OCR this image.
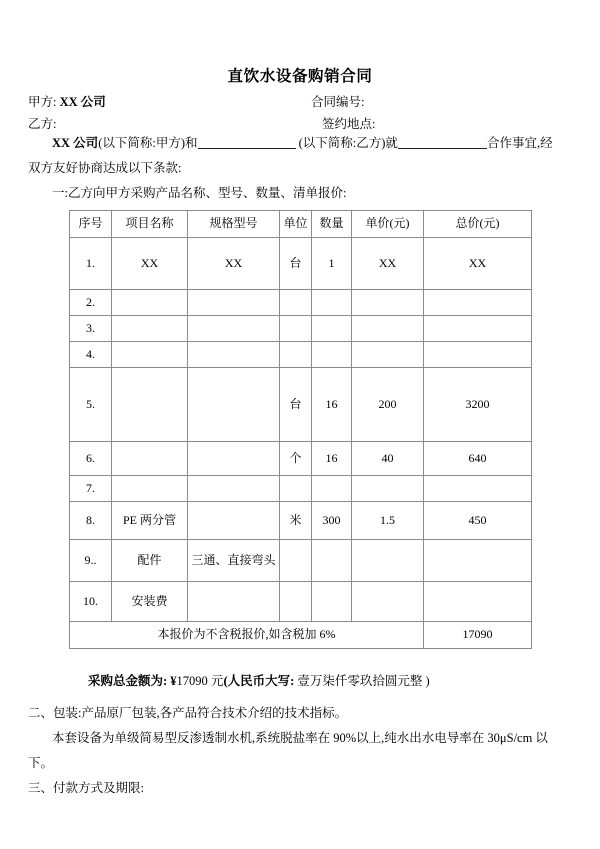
直饮水设备购销合同
甲方: XX 公司	合同编号:
乙方:	签约地点:

XX 公司(以下简称:甲方)和	(以下简称:乙方)就	合作事宜,经双方友好协商达成以下条款:

一:乙方向甲方采购产品名称、型号、数量、清单报价:

序号	项目名称	规格型号	单位	数量	单价(元)	总价(元)
1.	XX	XX	台	1	XX	XX
2.						
3.						
4.						
5.			台	16	200	3200
6.			个	16	40	640
7.						
8.	PE 两分管		米	300	1.5	450
9..	配件	三通、直接弯头				
10.	安装费					
本报价为不含税报价,如含税加 6%						17090

采购总金额为: ¥17090 元(人民币大写: 壹万柒仟零玖拾圆元整 )

二、包装:产品原厂包装,各产品符合技术介绍的技术指标。

本套设备为单级简易型反渗透制水机,系统脱盐率在 90%以上,纯水出水电导率在 30μS/cm 以下。

三、付款方式及期限:
